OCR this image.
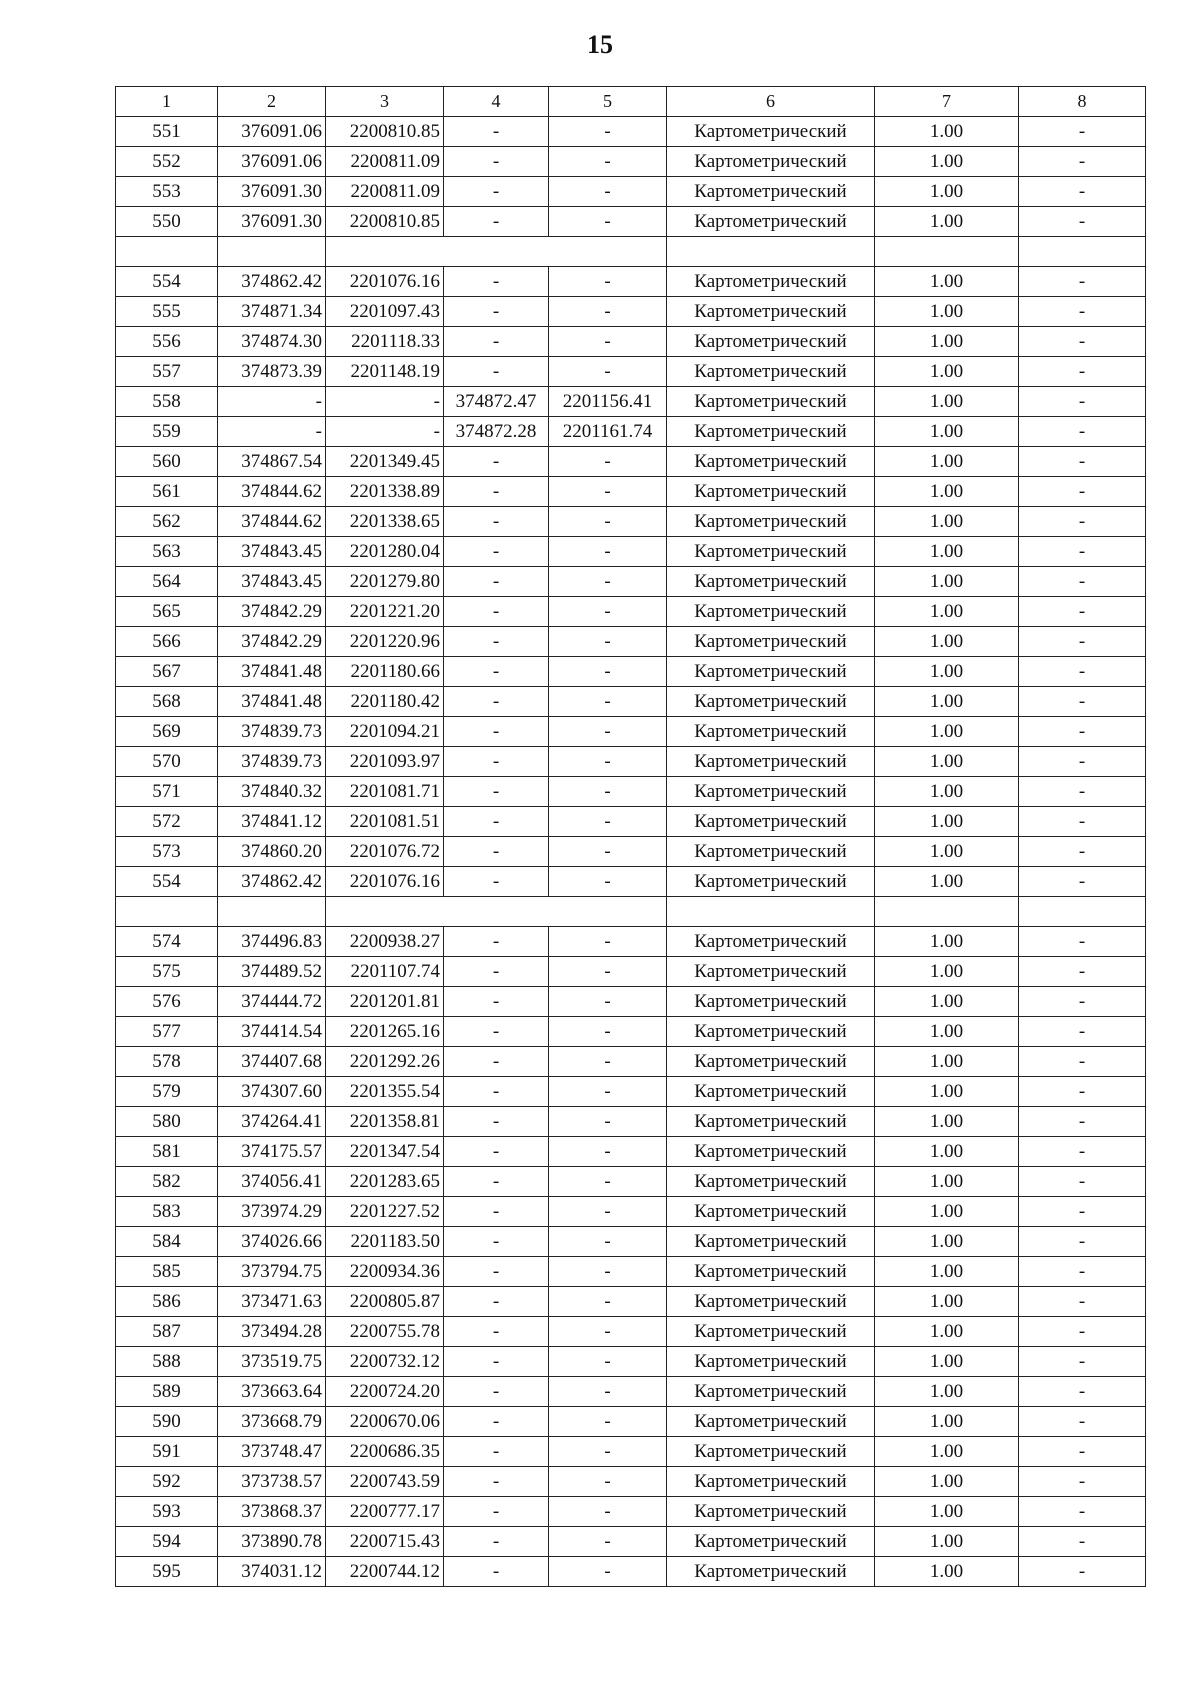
15
1	2	3	4	5	6	7	8
551	376091.06	2200810.85	-	-	Картометрический	1.00	-
552	376091.06	2200811.09	-	-	Картометрический	1.00	-
553	376091.30	2200811.09	-	-	Картометрический	1.00	-
550	376091.30	2200810.85	-	-	Картометрический	1.00	-

554	374862.42	2201076.16	-	-	Картометрический	1.00	-
555	374871.34	2201097.43	-	-	Картометрический	1.00	-
556	374874.30	2201118.33	-	-	Картометрический	1.00	-
557	374873.39	2201148.19	-	-	Картометрический	1.00	-
558	-	-	374872.47	2201156.41	Картометрический	1.00	-
559	-	-	374872.28	2201161.74	Картометрический	1.00	-
560	374867.54	2201349.45	-	-	Картометрический	1.00	-
561	374844.62	2201338.89	-	-	Картометрический	1.00	-
562	374844.62	2201338.65	-	-	Картометрический	1.00	-
563	374843.45	2201280.04	-	-	Картометрический	1.00	-
564	374843.45	2201279.80	-	-	Картометрический	1.00	-
565	374842.29	2201221.20	-	-	Картометрический	1.00	-
566	374842.29	2201220.96	-	-	Картометрический	1.00	-
567	374841.48	2201180.66	-	-	Картометрический	1.00	-
568	374841.48	2201180.42	-	-	Картометрический	1.00	-
569	374839.73	2201094.21	-	-	Картометрический	1.00	-
570	374839.73	2201093.97	-	-	Картометрический	1.00	-
571	374840.32	2201081.71	-	-	Картометрический	1.00	-
572	374841.12	2201081.51	-	-	Картометрический	1.00	-
573	374860.20	2201076.72	-	-	Картометрический	1.00	-
554	374862.42	2201076.16	-	-	Картометрический	1.00	-

574	374496.83	2200938.27	-	-	Картометрический	1.00	-
575	374489.52	2201107.74	-	-	Картометрический	1.00	-
576	374444.72	2201201.81	-	-	Картометрический	1.00	-
577	374414.54	2201265.16	-	-	Картометрический	1.00	-
578	374407.68	2201292.26	-	-	Картометрический	1.00	-
579	374307.60	2201355.54	-	-	Картометрический	1.00	-
580	374264.41	2201358.81	-	-	Картометрический	1.00	-
581	374175.57	2201347.54	-	-	Картометрический	1.00	-
582	374056.41	2201283.65	-	-	Картометрический	1.00	-
583	373974.29	2201227.52	-	-	Картометрический	1.00	-
584	374026.66	2201183.50	-	-	Картометрический	1.00	-
585	373794.75	2200934.36	-	-	Картометрический	1.00	-
586	373471.63	2200805.87	-	-	Картометрический	1.00	-
587	373494.28	2200755.78	-	-	Картометрический	1.00	-
588	373519.75	2200732.12	-	-	Картометрический	1.00	-
589	373663.64	2200724.20	-	-	Картометрический	1.00	-
590	373668.79	2200670.06	-	-	Картометрический	1.00	-
591	373748.47	2200686.35	-	-	Картометрический	1.00	-
592	373738.57	2200743.59	-	-	Картометрический	1.00	-
593	373868.37	2200777.17	-	-	Картометрический	1.00	-
594	373890.78	2200715.43	-	-	Картометрический	1.00	-
595	374031.12	2200744.12	-	-	Картометрический	1.00	-
